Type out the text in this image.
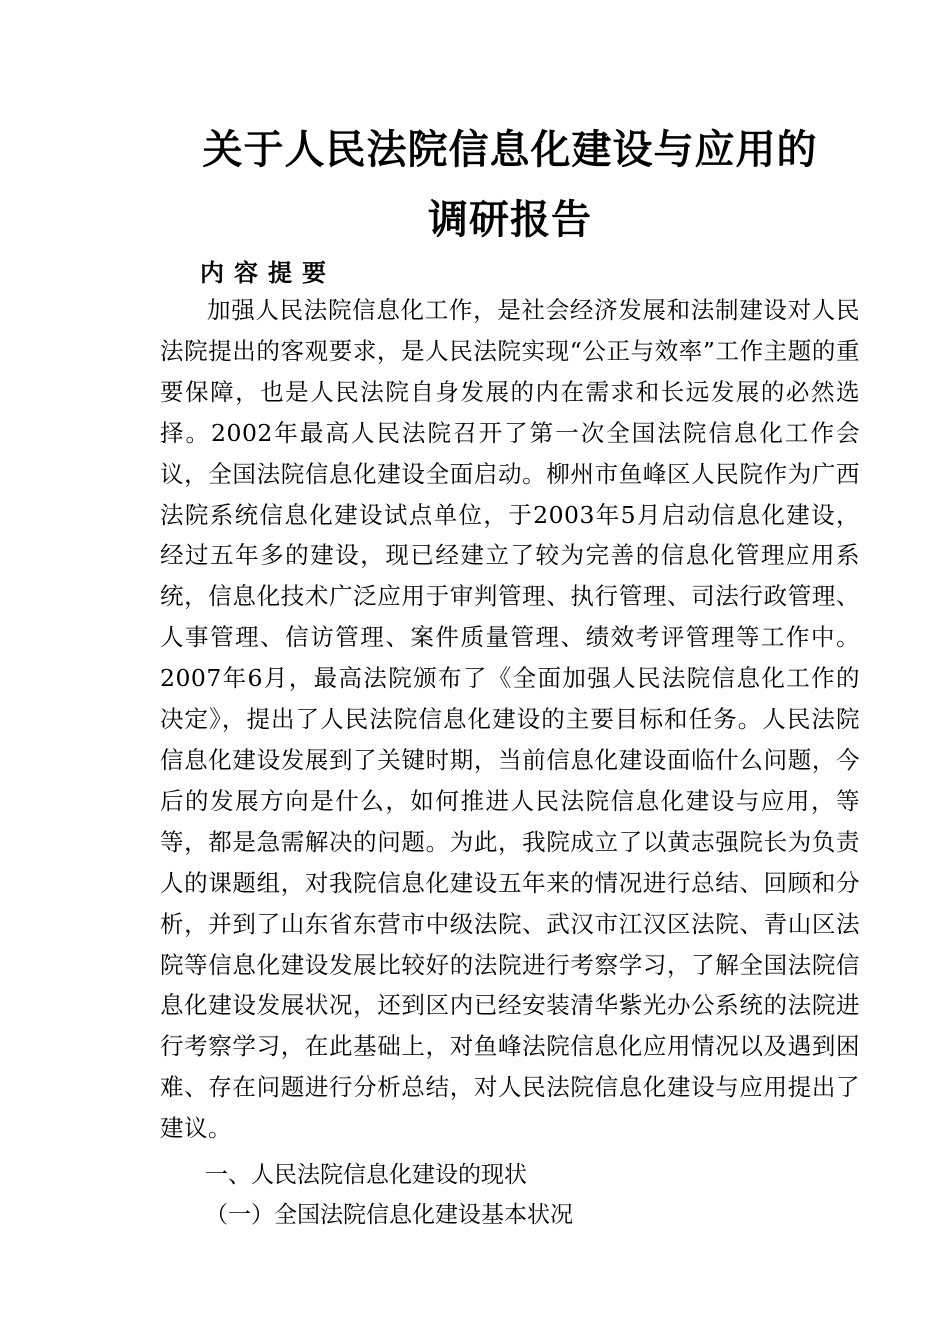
关于人民法院信息化建设与应用的
调研报告
内容提要

加强人民法院信息化工作，是社会经济发展和法制建设对人民法院提出的客观要求，是人民法院实现“公正与效率”工作主题的重要保障，也是人民法院自身发展的内在需求和长远发展的必然选择。2002年最高人民法院召开了第一次全国法院信息化工作会议，全国法院信息化建设全面启动。柳州市鱼峰区人民院作为广西法院系统信息化建设试点单位，于2003年5月启动信息化建设，经过五年多的建设，现已经建立了较为完善的信息化管理应用系统，信息化技术广泛应用于审判管理、执行管理、司法行政管理、人事管理、信访管理、案件质量管理、绩效考评管理等工作中。2007年6月，最高法院颁布了《全面加强人民法院信息化工作的决定》，提出了人民法院信息化建设的主要目标和任务。人民法院信息化建设发展到了关键时期，当前信息化建设面临什么问题，今后的发展方向是什么，如何推进人民法院信息化建设与应用，等等，都是急需解决的问题。为此，我院成立了以黄志强院长为负责人的课题组，对我院信息化建设五年来的情况进行总结、回顾和分析，并到了山东省东营市中级法院、武汉市江汉区法院、青山区法院等信息化建设发展比较好的法院进行考察学习，了解全国法院信息化建设发展状况，还到区内已经安装清华紫光办公系统的法院进行考察学习，在此基础上，对鱼峰法院信息化应用情况以及遇到困难、存在问题进行分析总结，对人民法院信息化建设与应用提出了建议。

一、人民法院信息化建设的现状
（一）全国法院信息化建设基本状况
